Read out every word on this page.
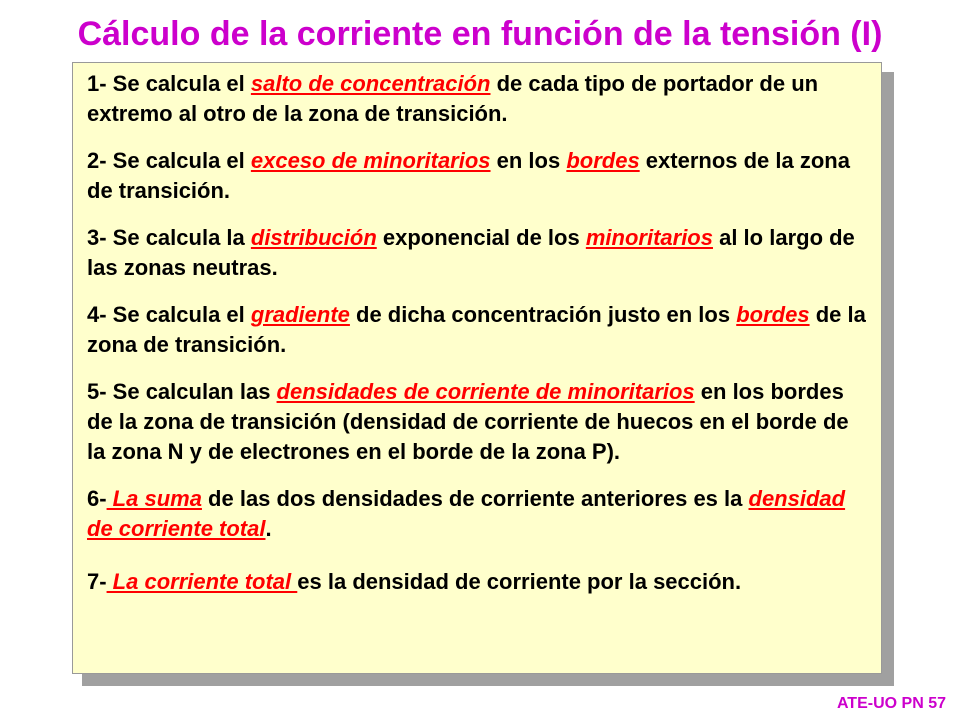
Cálculo de la corriente en función de la tensión (I)
1- Se calcula el salto de concentración de cada tipo de portador de un extremo al otro de la zona de transición.
2- Se calcula el exceso de minoritarios en los bordes externos de la zona de transición.
3- Se calcula la distribución exponencial de los minoritarios al lo largo de las zonas neutras.
4- Se calcula el gradiente de dicha concentración justo en los bordes de la zona de transición.
5- Se calculan las densidades de corriente de minoritarios en los bordes de la zona de transición (densidad de corriente de huecos en el borde de la zona N y de electrones en el borde de la zona P).
6- La suma de las dos densidades de corriente anteriores es la densidad de corriente total.
7- La corriente total es la densidad de corriente por la sección.
ATE-UO PN 57
